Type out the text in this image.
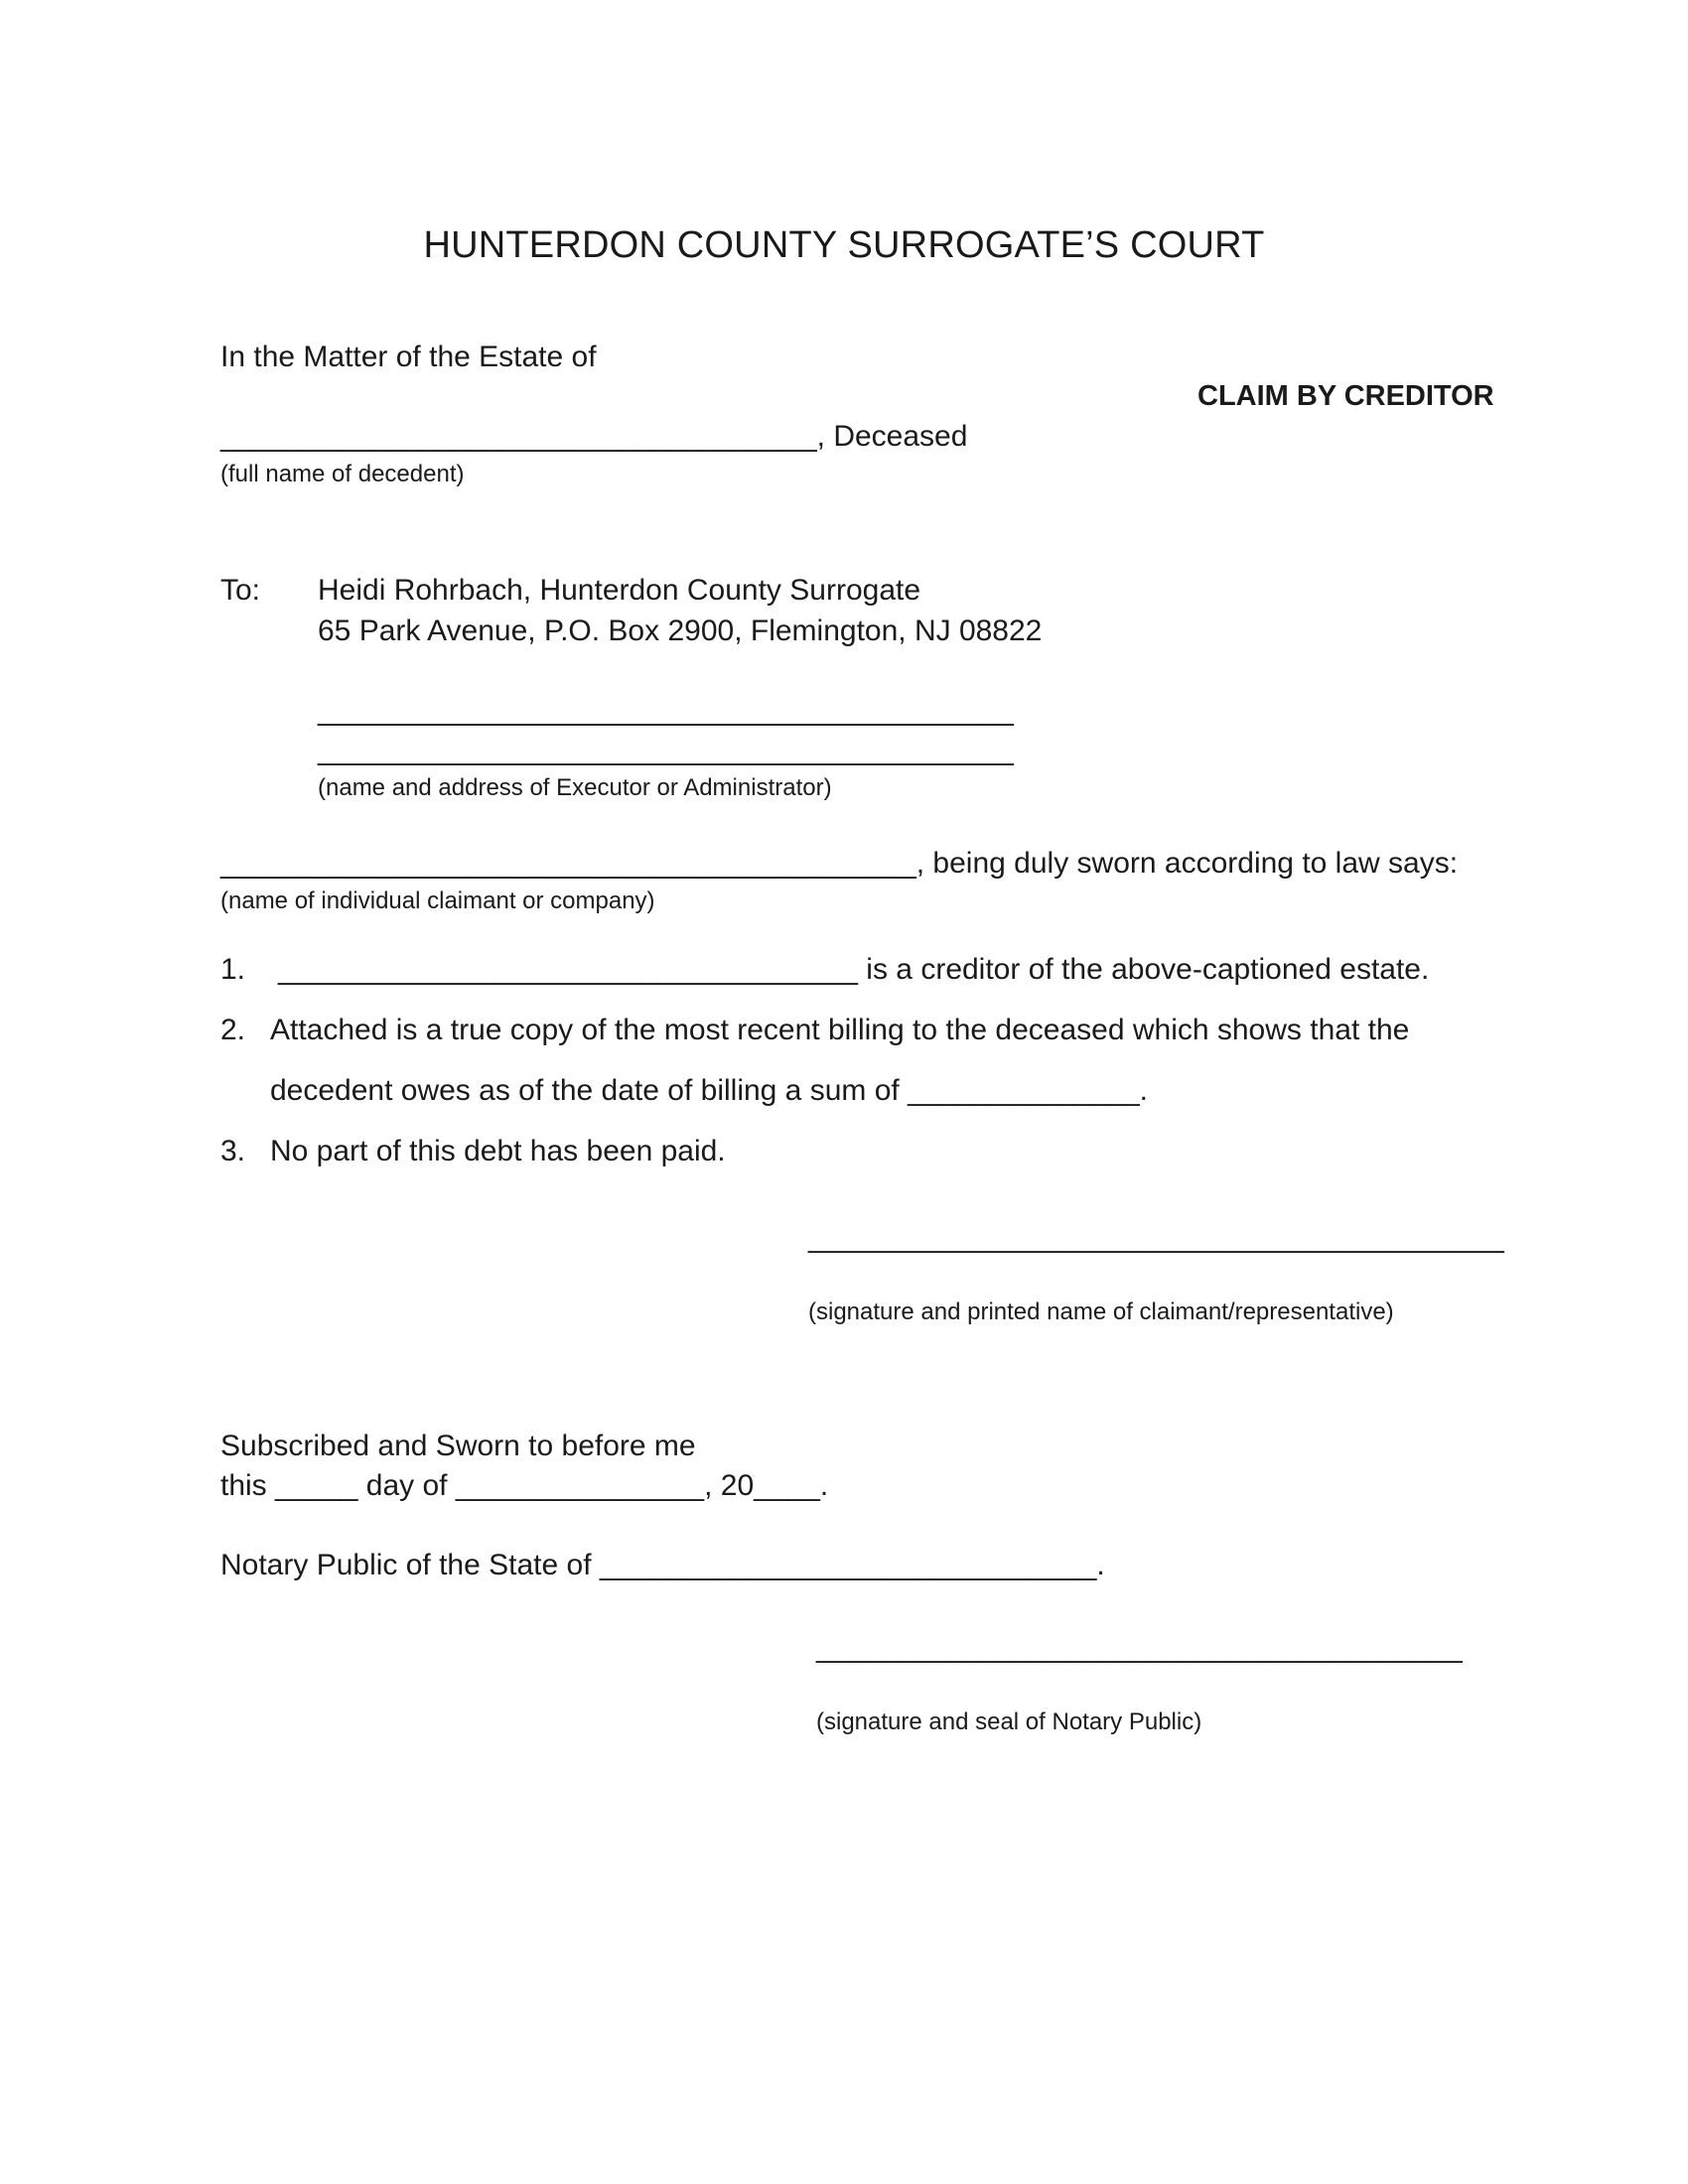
HUNTERDON COUNTY SURROGATE’S COURT
In the Matter of the Estate of
CLAIM BY CREDITOR
____________________________________, Deceased
(full name of decedent)
To: Heidi Rohrbach, Hunterdon County Surrogate
65 Park Avenue, P.O. Box 2900, Flemington, NJ 08822
__________________________________________
__________________________________________
(name and address of Executor or Administrator)
__________________________________________, being duly sworn according to law says:
(name of individual claimant or company)
1. ___________________________________ is a creditor of the above-captioned estate.
2. Attached is a true copy of the most recent billing to the deceased which shows that the
decedent owes as of the date of billing a sum of ______________.
3. No part of this debt has been paid.
__________________________________________
(signature and printed name of claimant/representative)
Subscribed and Sworn to before me
this _____ day of _______________, 20____.
Notary Public of the State of ______________________________.
_______________________________________
(signature and seal of Notary Public)
